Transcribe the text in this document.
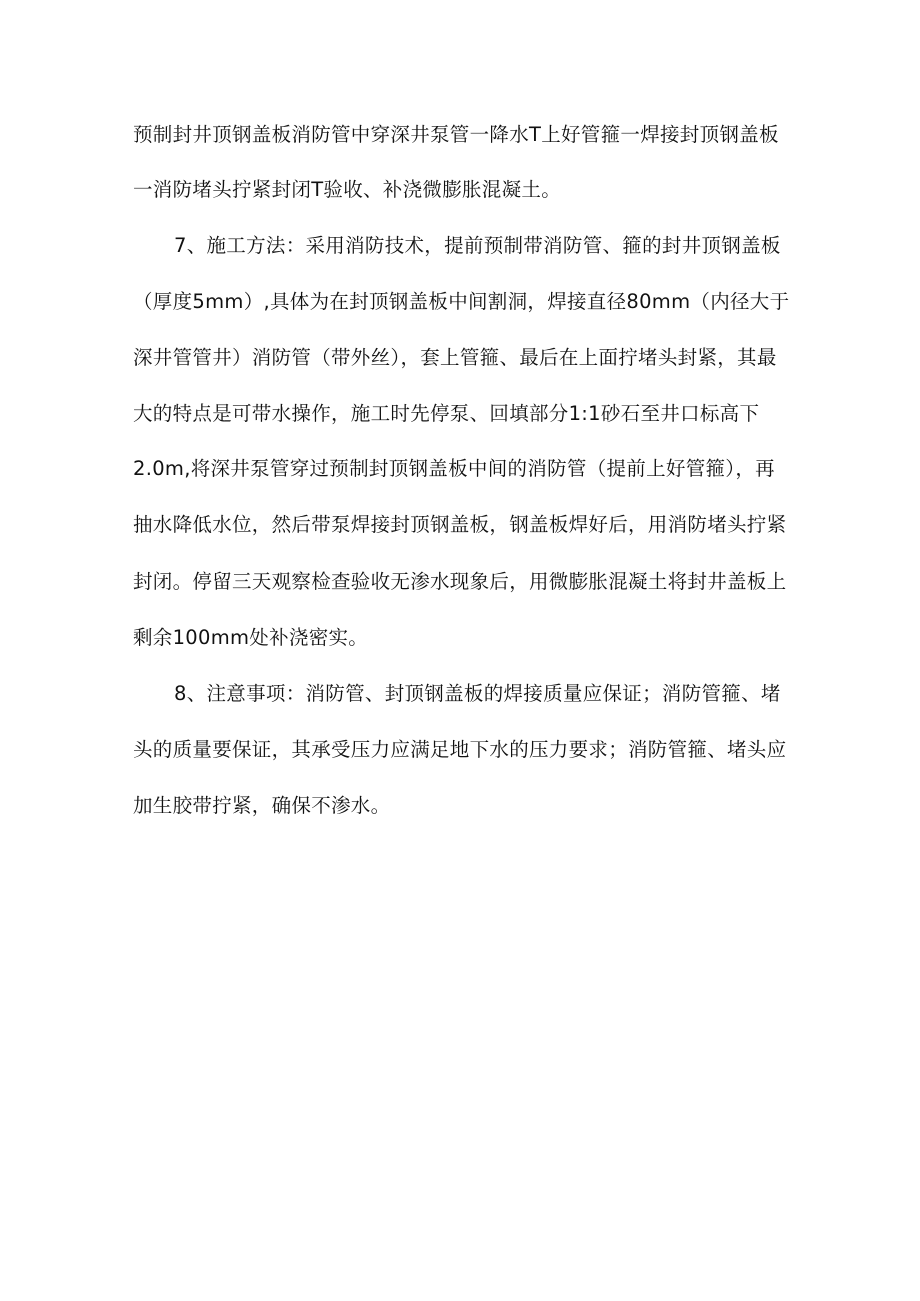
预制封井顶钢盖板消防管中穿深井泵管一降水T上好管箍一焊接封顶钢盖板
一消防堵头拧紧封闭T验收、补浇微膨胀混凝土。
7、施工方法：采用消防技术，提前预制带消防管、箍的封井顶钢盖板
（厚度5mm）,具体为在封顶钢盖板中间割洞，焊接直径80mm（内径大于
深井管管井）消防管（带外丝），套上管箍、最后在上面拧堵头封紧，其最
大的特点是可带水操作，施工时先停泵、回填部分1:1砂石至井口标高下
2.0m,将深井泵管穿过预制封顶钢盖板中间的消防管（提前上好管箍），再
抽水降低水位，然后带泵焊接封顶钢盖板，钢盖板焊好后，用消防堵头拧紧
封闭。停留三天观察检查验收无渗水现象后，用微膨胀混凝土将封井盖板上
剩余100mm处补浇密实。
8、注意事项：消防管、封顶钢盖板的焊接质量应保证；消防管箍、堵
头的质量要保证，其承受压力应满足地下水的压力要求；消防管箍、堵头应
加生胶带拧紧，确保不渗水。
